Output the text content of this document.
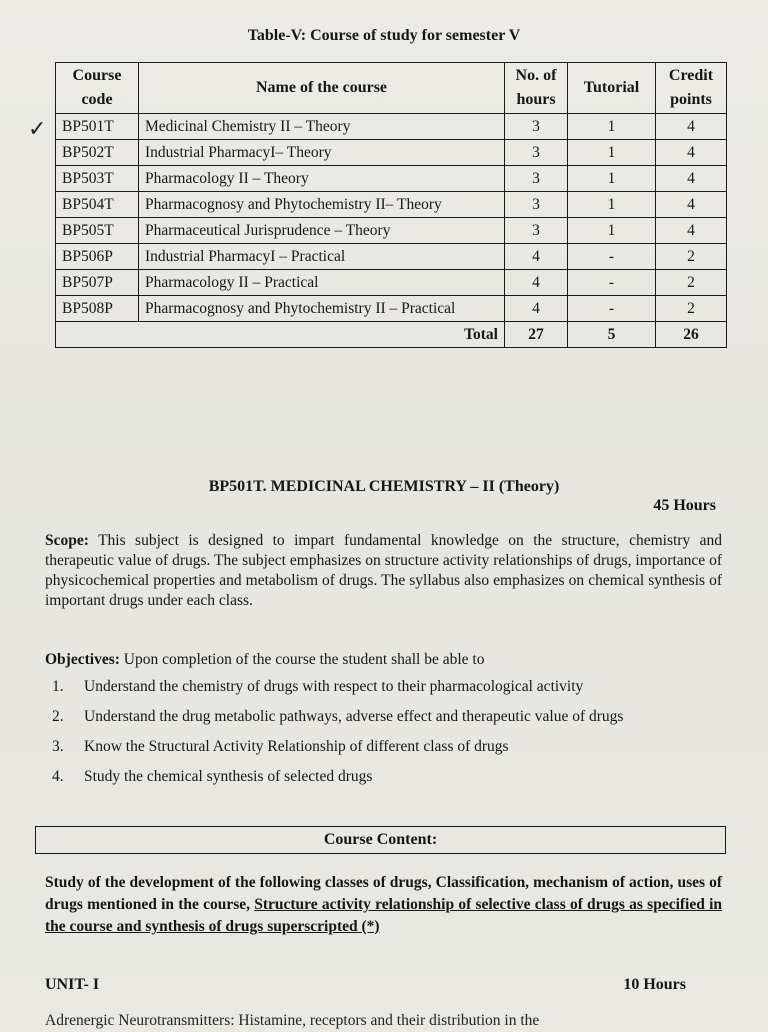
Table-V: Course of study for semester V
✓
Course code	Name of the course	No. of hours	Tutorial	Credit points
BP501T	Medicinal Chemistry II – Theory	3	1	4
BP502T	Industrial PharmacyI– Theory	3	1	4
BP503T	Pharmacology II – Theory	3	1	4
BP504T	Pharmacognosy and Phytochemistry II– Theory	3	1	4
BP505T	Pharmaceutical Jurisprudence – Theory	3	1	4
BP506P	Industrial PharmacyI – Practical	4	-	2
BP507P	Pharmacology II – Practical	4	-	2
BP508P	Pharmacognosy and Phytochemistry II – Practical	4	-	2
Total		27	5	26
BP501T. MEDICINAL CHEMISTRY – II (Theory)
45 Hours
Scope: This subject is designed to impart fundamental knowledge on the structure, chemistry and therapeutic value of drugs. The subject emphasizes on structure activity relationships of drugs, importance of physicochemical properties and metabolism of drugs. The syllabus also emphasizes on chemical synthesis of important drugs under each class.
Objectives: Upon completion of the course the student shall be able to
1.	Understand the chemistry of drugs with respect to their pharmacological activity
2.	Understand the drug metabolic pathways, adverse effect and therapeutic value of drugs
3.	Know the Structural Activity Relationship of different class of drugs
4.	Study the chemical synthesis of selected drugs
Course Content:
Study of the development of the following classes of drugs, Classification, mechanism of action, uses of drugs mentioned in the course, Structure activity relationship of selective class of drugs as specified in the course and synthesis of drugs superscripted (*)
UNIT- I	10 Hours
Adrenergic Neurotransmitters: Histamine, receptors and their distribution in the
